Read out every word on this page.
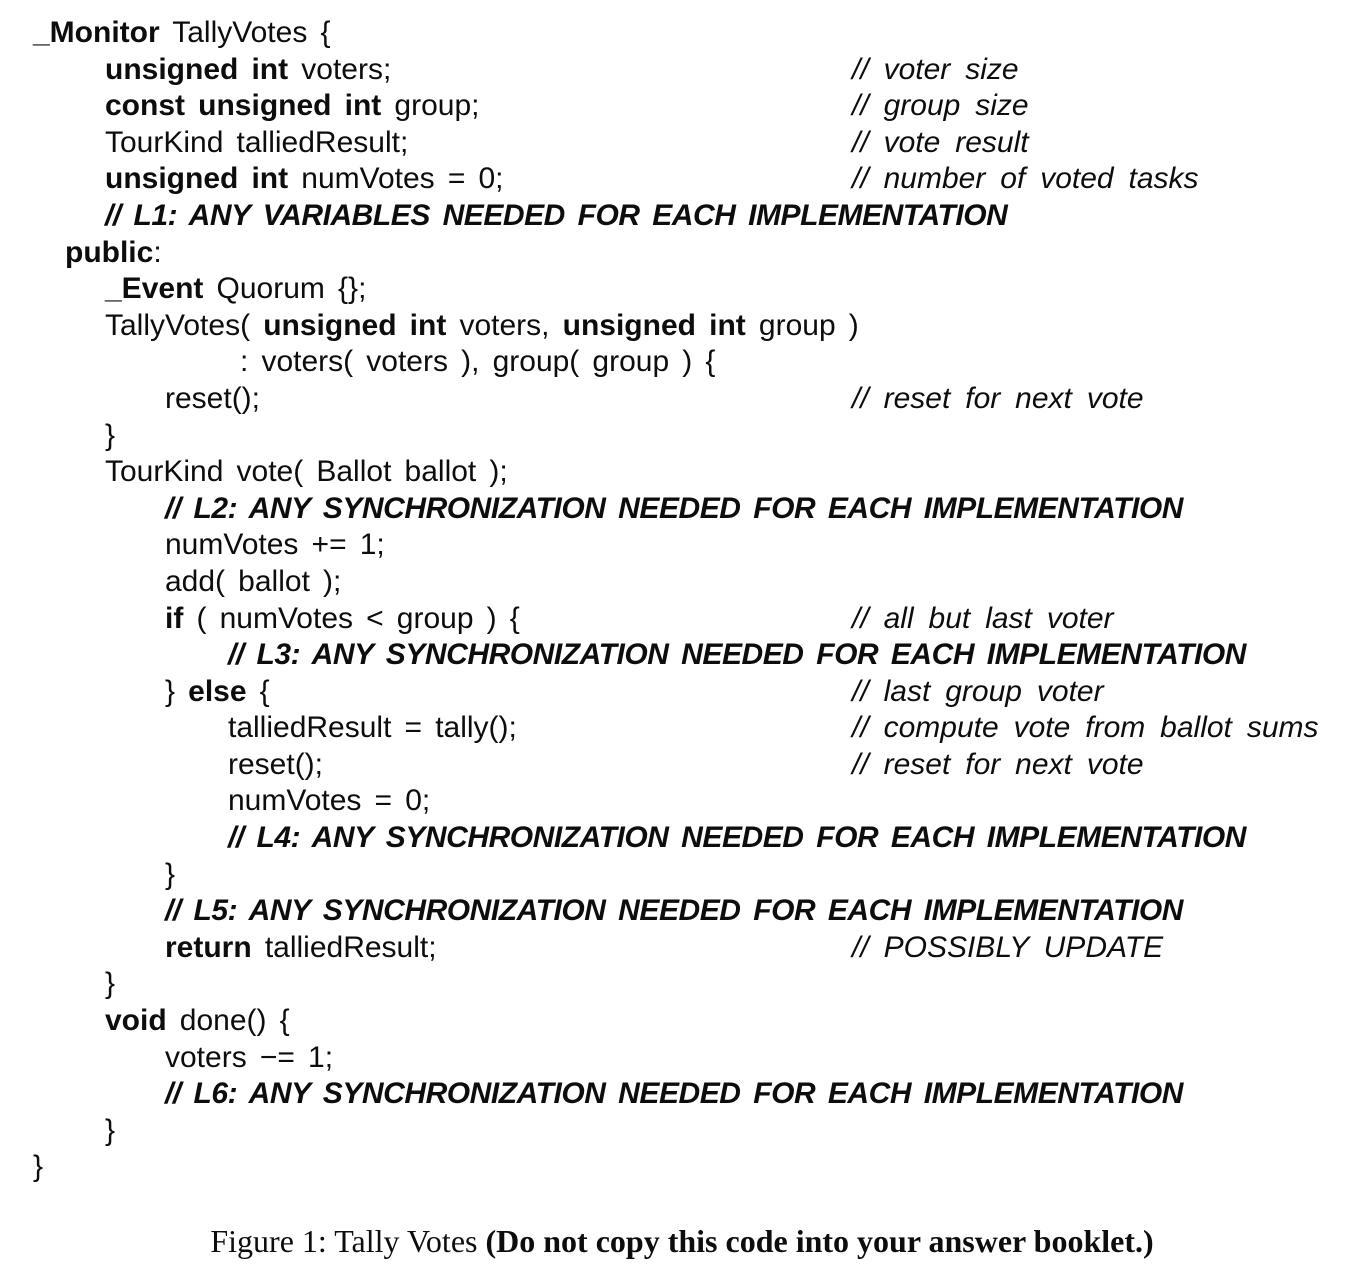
_Monitor TallyVotes {
unsigned int voters;	// voter size
const unsigned int group;	// group size
TourKind talliedResult;	// vote result
unsigned int numVotes = 0;	// number of voted tasks
// L1: ANY VARIABLES NEEDED FOR EACH IMPLEMENTATION
public:
_Event Quorum {};
TallyVotes( unsigned int voters, unsigned int group )
: voters( voters ), group( group ) {
reset();	// reset for next vote
}
TourKind vote( Ballot ballot );
// L2: ANY SYNCHRONIZATION NEEDED FOR EACH IMPLEMENTATION
numVotes += 1;
add( ballot );
if ( numVotes < group ) {	// all but last voter
// L3: ANY SYNCHRONIZATION NEEDED FOR EACH IMPLEMENTATION
} else {	// last group voter
talliedResult = tally();	// compute vote from ballot sums
reset();	// reset for next vote
numVotes = 0;
// L4: ANY SYNCHRONIZATION NEEDED FOR EACH IMPLEMENTATION
}
// L5: ANY SYNCHRONIZATION NEEDED FOR EACH IMPLEMENTATION
return talliedResult;	// POSSIBLY UPDATE
}
void done() {
voters −= 1;
// L6: ANY SYNCHRONIZATION NEEDED FOR EACH IMPLEMENTATION
}
}
Figure 1: Tally Votes (Do not copy this code into your answer booklet.)
